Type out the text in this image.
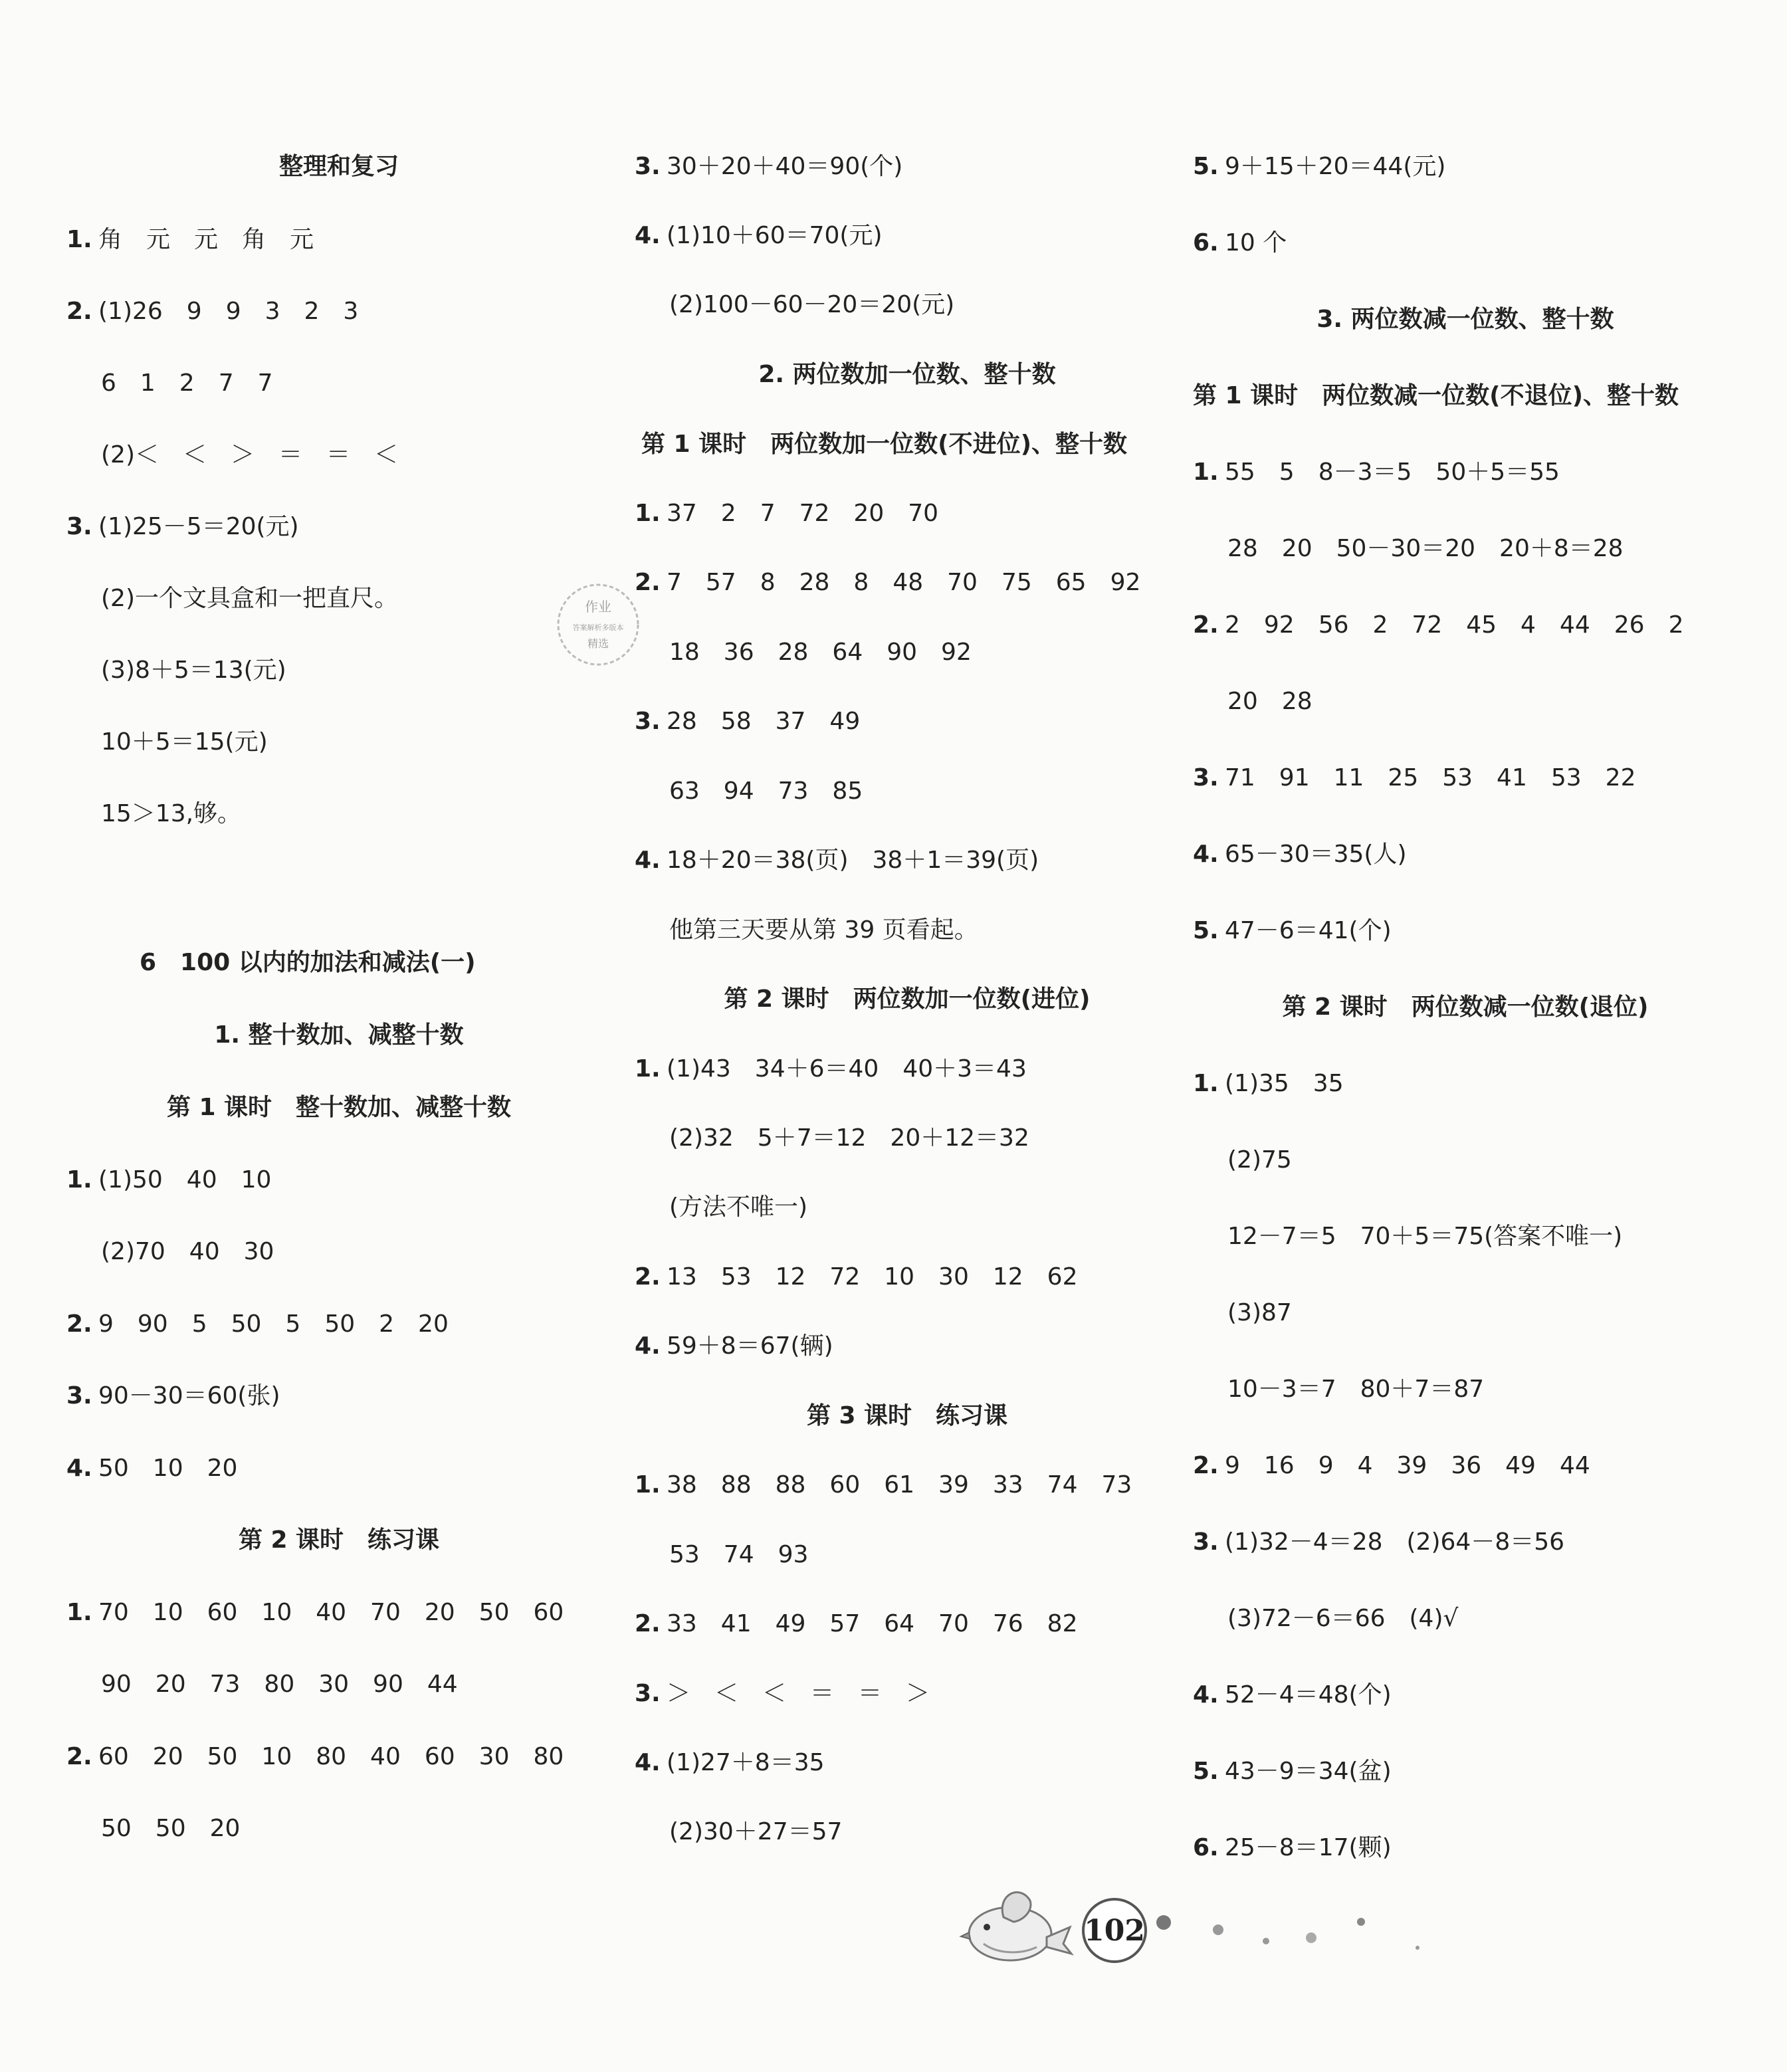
整理和复习
1. 角　元　元　角　元
2. (1)26　9　9　3　2　3
6　1　2　7　7
(2)＜　＜　＞　＝　＝　＜
3. (1)25－5＝20(元)
(2)一个文具盒和一把直尺。
(3)8＋5＝13(元)
10＋5＝15(元)
15＞13,够。
6　100 以内的加法和减法(一)
1. 整十数加、减整十数
第 1 课时　整十数加、减整十数
1. (1)50　40　10
(2)70　40　30
2. 9　90　5　50　5　50　2　20
3. 90－30＝60(张)
4. 50　10　20
第 2 课时　练习课
1. 70　10　60　10　40　70　20　50　60
90　20　73　80　30　90　44
2. 60　20　50　10　80　40　60　30　80
50　50　20
3. 30＋20＋40＝90(个)
4. (1)10＋60＝70(元)
(2)100－60－20＝20(元)
2. 两位数加一位数、整十数
第 1 课时　两位数加一位数(不进位)、整十数
1. 37　2　7　72　20　70
2. 7　57　8　28　8　48　70　75　65　92
18　36　28　64　90　92
3. 28　58　37　49
63　94　73　85
4. 18＋20＝38(页)　38＋1＝39(页)
他第三天要从第 39 页看起。
第 2 课时　两位数加一位数(进位)
1. (1)43　34＋6＝40　40＋3＝43
(2)32　5＋7＝12　20＋12＝32
(方法不唯一)
2. 13　53　12　72　10　30　12　62
4. 59＋8＝67(辆)
第 3 课时　练习课
1. 38　88　88　60　61　39　33　74　73
53　74　93
2. 33　41　49　57　64　70　76　82
3. ＞　＜　＜　＝　＝　＞
4. (1)27＋8＝35
(2)30＋27＝57
5. 9＋15＋20＝44(元)
6. 10 个
3. 两位数减一位数、整十数
第 1 课时　两位数减一位数(不退位)、整十数
1. 55　5　8－3＝5　50＋5＝55
28　20　50－30＝20　20＋8＝28
2. 2　92　56　2　72　45　4　44　26　2
20　28
3. 71　91　11　25　53　41　53　22
4. 65－30＝35(人)
5. 47－6＝41(个)
第 2 课时　两位数减一位数(退位)
1. (1)35　35
(2)75
12－7＝5　70＋5＝75(答案不唯一)
(3)87
10－3＝7　80＋7＝87
2. 9　16　9　4　39　36　49　44
3. (1)32－4＝28　(2)64－8＝56
(3)72－6＝66　(4)√
4. 52－4＝48(个)
5. 43－9＝34(盆)
6. 25－8＝17(颗)
作业
答案解析多版本
精选
102
